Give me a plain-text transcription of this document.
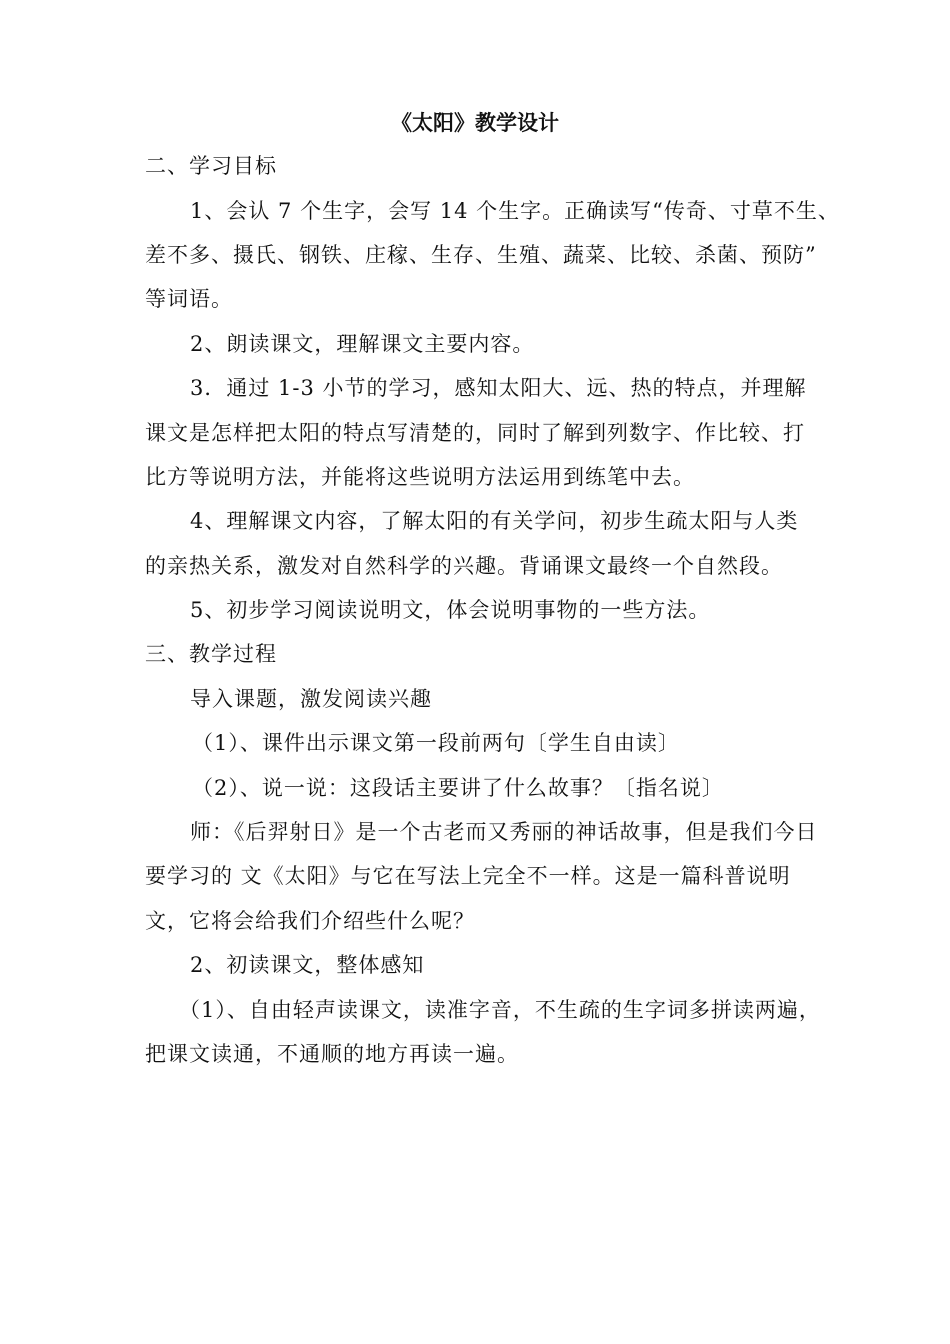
《太阳》教学设计
二、学习目标
1、会认 7 个生字，会写 14 个生字。正确读写“传奇、寸草不生、
差不多、摄氏、钢铁、庄稼、生存、生殖、蔬菜、比较、杀菌、预防”
等词语。
2、朗读课文，理解课文主要内容。
3．通过 1-3 小节的学习，感知太阳大、远、热的特点，并理解
课文是怎样把太阳的特点写清楚的，同时了解到列数字、作比较、打
比方等说明方法，并能将这些说明方法运用到练笔中去。
4、理解课文内容，了解太阳的有关学问，初步生疏太阳与人类
的亲热关系，激发对自然科学的兴趣。背诵课文最终一个自然段。
5、初步学习阅读说明文，体会说明事物的一些方法。
三、教学过程
导入课题，激发阅读兴趣
（1）、课件出示课文第一段前两句〔学生自由读〕
（2）、说一说：这段话主要讲了什么故事？〔指名说〕
师：《后羿射日》是一个古老而又秀丽的神话故事，但是我们今日
要学习的 文《太阳》与它在写法上完全不一样。这是一篇科普说明
文，它将会给我们介绍些什么呢？
2、初读课文，整体感知
（1）、自由轻声读课文，读准字音，不生疏的生字词多拼读两遍，
把课文读通，不通顺的地方再读一遍。
